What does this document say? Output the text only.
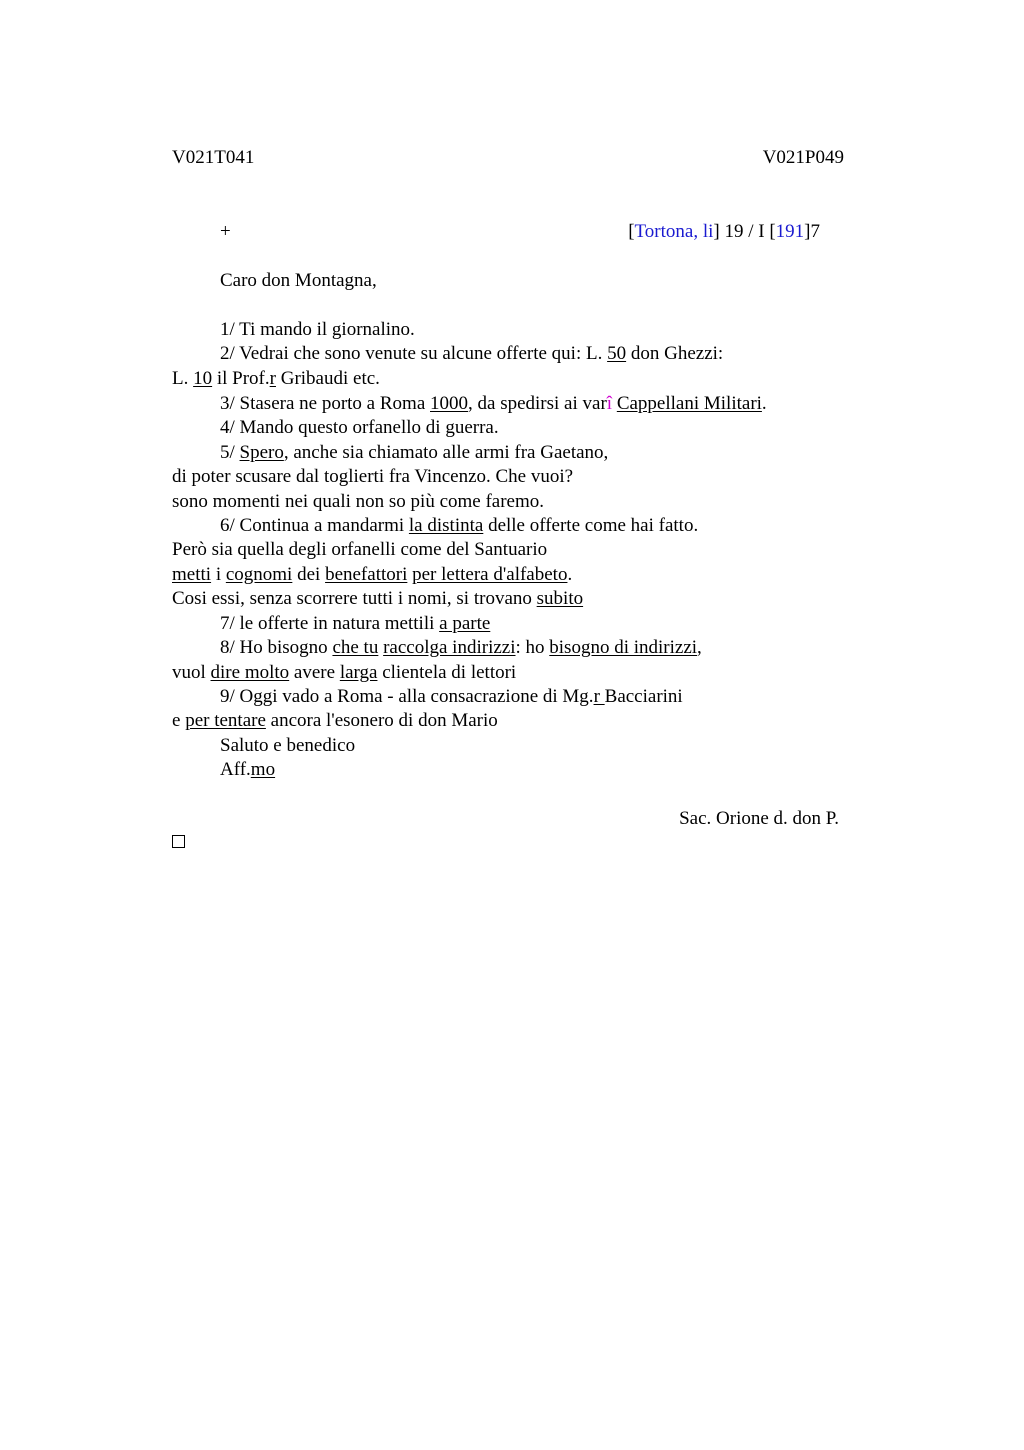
V021T041	V021P049
+	[Tortona, li] 19 / I [191]7
Caro don Montagna,
1/ Ti mando il giornalino.
2/ Vedrai che sono venute su alcune offerte qui: L. 50 don Ghezzi:
L. 10 il Prof.r Gribaudi etc.
3/ Stasera ne porto a Roma 1000, da spedirsi ai varî Cappellani Militari.
4/ Mando questo orfanello di guerra.
5/ Spero, anche sia chiamato alle armi fra Gaetano,
di poter scusare dal toglierti fra Vincenzo. Che vuoi?
sono momenti nei quali non so più come faremo.
6/ Continua a mandarmi la distinta delle offerte come hai fatto.
Però sia quella degli orfanelli come del Santuario
metti i cognomi dei benefattori per lettera d'alfabeto.
Cosi essi, senza scorrere tutti i nomi, si trovano subito
7/ le offerte in natura mettili a parte
8/ Ho bisogno che tu raccolga indirizzi: ho bisogno di indirizzi,
vuol dire molto avere larga clientela di lettori
9/ Oggi vado a Roma - alla consacrazione di Mg.r Bacciarini
e per tentare ancora l'esonero di don Mario
Saluto e benedico
Aff.mo
Sac. Orione d. don P.
